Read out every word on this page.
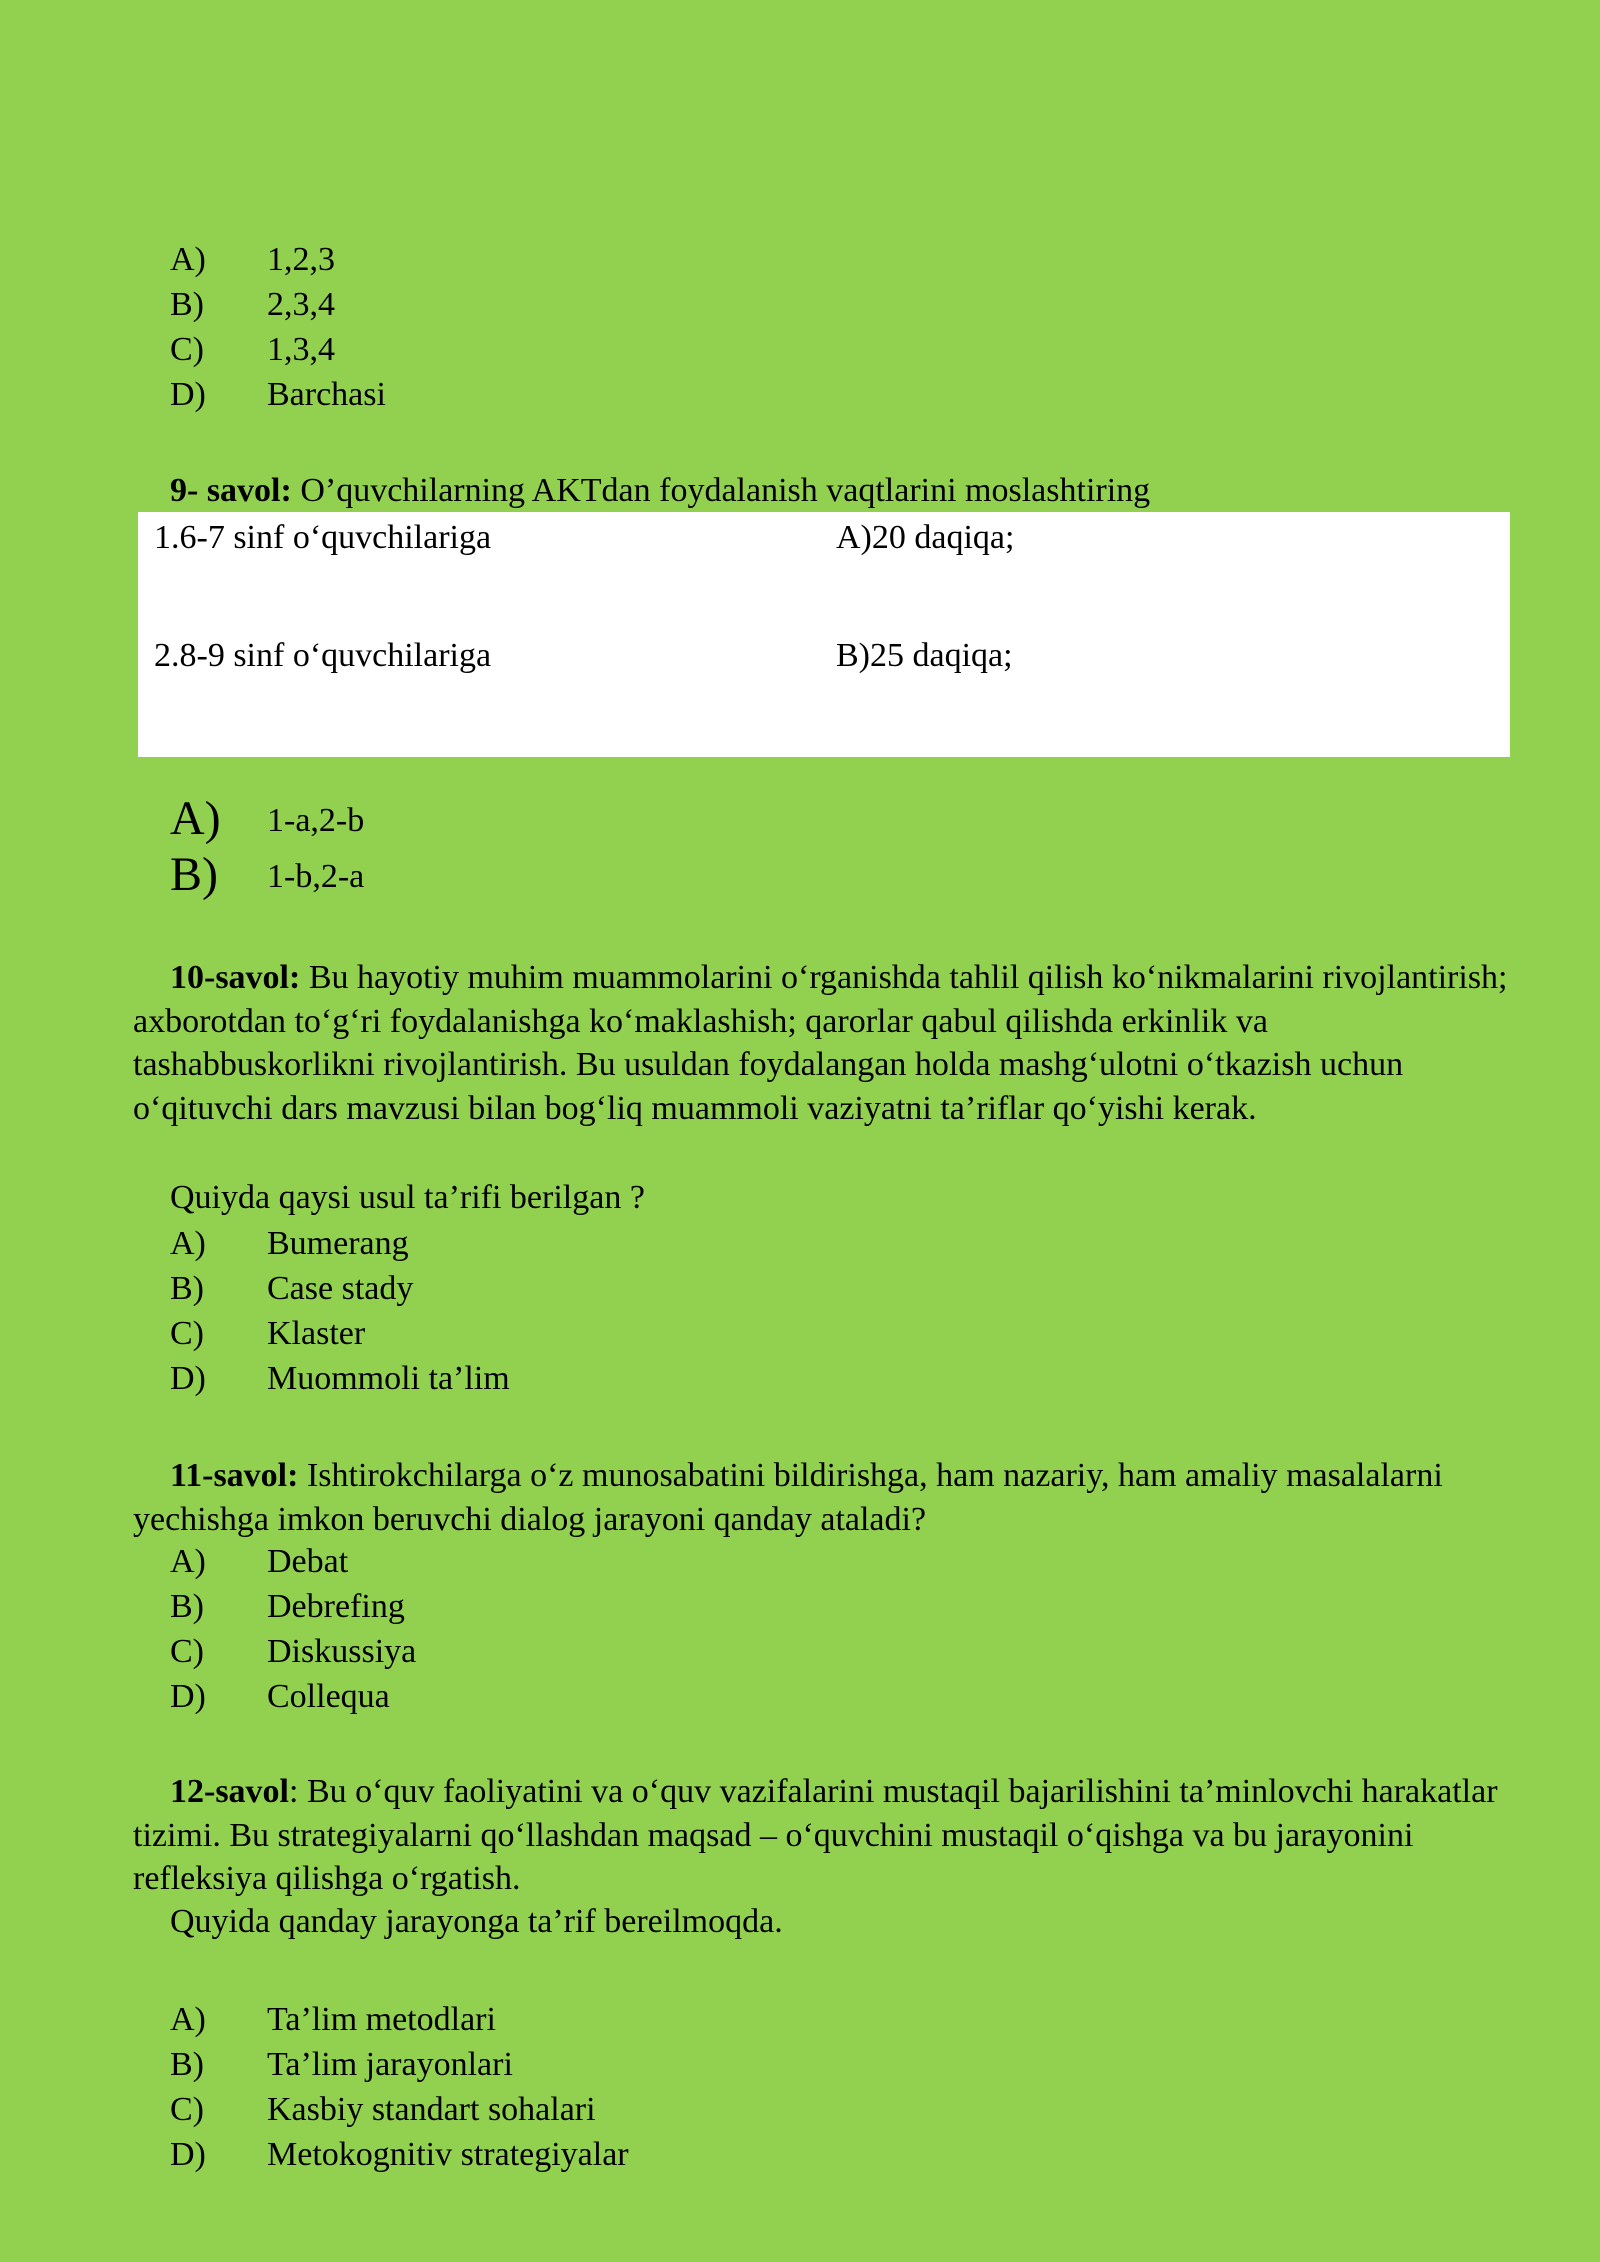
A) 1,2,3
B) 2,3,4
C) 1,3,4
D) Barchasi
9- savol: O’quvchilarning AKTdan foydalanish vaqtlarini moslashtiring
1.6-7 sinf o‘quvchilariga	A)20 daqiqa;
2.8-9 sinf o‘quvchilariga	B)25 daqiqa;
A) 1-a,2-b
B) 1-b,2-a
10-savol: Bu hayotiy muhim muammolarini o‘rganishda tahlil qilish ko‘nikmalarini rivojlantirish; axborotdan to‘g‘ri foydalanishga ko‘maklashish; qarorlar qabul qilishda erkinlik va tashabbuskorlikni rivojlantirish. Bu usuldan foydalangan holda mashg‘ulotni o‘tkazish uchun o‘qituvchi dars mavzusi bilan bog‘liq muammoli vaziyatni ta’riflar qo‘yishi kerak.
Quiyda qaysi usul ta’rifi berilgan ?
A) Bumerang
B) Case stady
C) Klaster
D) Muommoli ta’lim
11-savol: Ishtirokchilarga o‘z munosabatini bildirishga, ham nazariy, ham amaliy masalalarni yechishga imkon beruvchi dialog jarayoni qanday ataladi?
A) Debat
B) Debrefing
C) Diskussiya
D) Collequa
12-savol: Bu o‘quv faoliyatini va o‘quv vazifalarini mustaqil bajarilishini ta’minlovchi harakatlar tizimi. Bu strategiyalarni qo‘llashdan maqsad – o‘quvchini mustaqil o‘qishga va bu jarayonini refleksiya qilishga o‘rgatish.
Quyida qanday jarayonga ta’rif bereilmoqda.
A) Ta’lim metodlari
B) Ta’lim jarayonlari
C) Kasbiy standart sohalari
D) Metokognitiv strategiyalar
